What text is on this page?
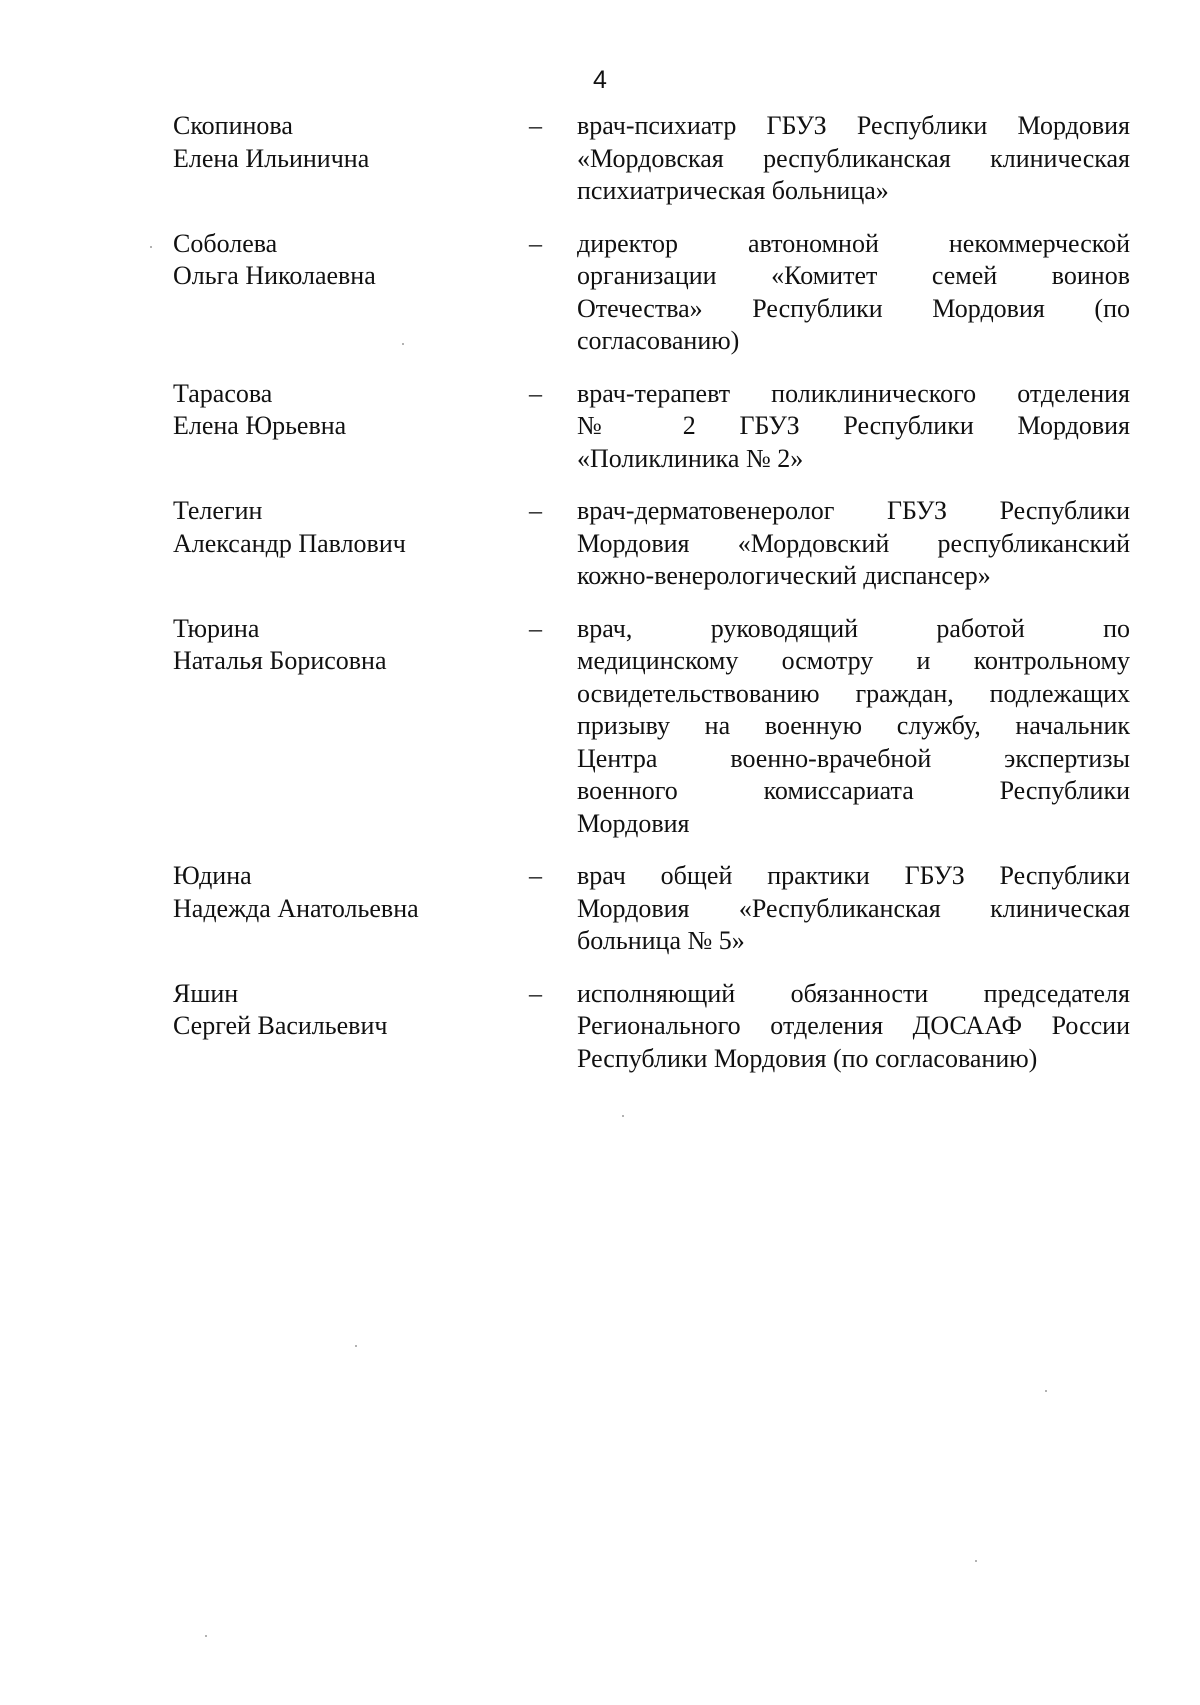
4
Скопинова
Елена Ильинична
–	врач-психиатр ГБУЗ Республики Мордовия
«Мордовская республиканская клиническая
психиатрическая больница»
Соболева
Ольга Николаевна
–	директор автономной некоммерческой
организации «Комитет семей воинов
Отечества» Республики Мордовия (по
согласованию)
Тарасова
Елена Юрьевна
–	врач-терапевт поликлинического отделения
№ 2 ГБУЗ Республики Мордовия
«Поликлиника № 2»
Телегин
Александр Павлович
–	врач-дерматовенеролог ГБУЗ Республики
Мордовия «Мордовский республиканский
кожно-венерологический диспансер»
Тюрина
Наталья Борисовна
–	врач, руководящий работой по
медицинскому осмотру и контрольному
освидетельствованию граждан, подлежащих
призыву на военную службу, начальник
Центра военно-врачебной экспертизы
военного комиссариата Республики
Мордовия
Юдина
Надежда Анатольевна
–	врач общей практики ГБУЗ Республики
Мордовия «Республиканская клиническая
больница № 5»
Яшин
Сергей Васильевич
–	исполняющий обязанности председателя
Регионального отделения ДОСААФ России
Республики Мордовия (по согласованию)
